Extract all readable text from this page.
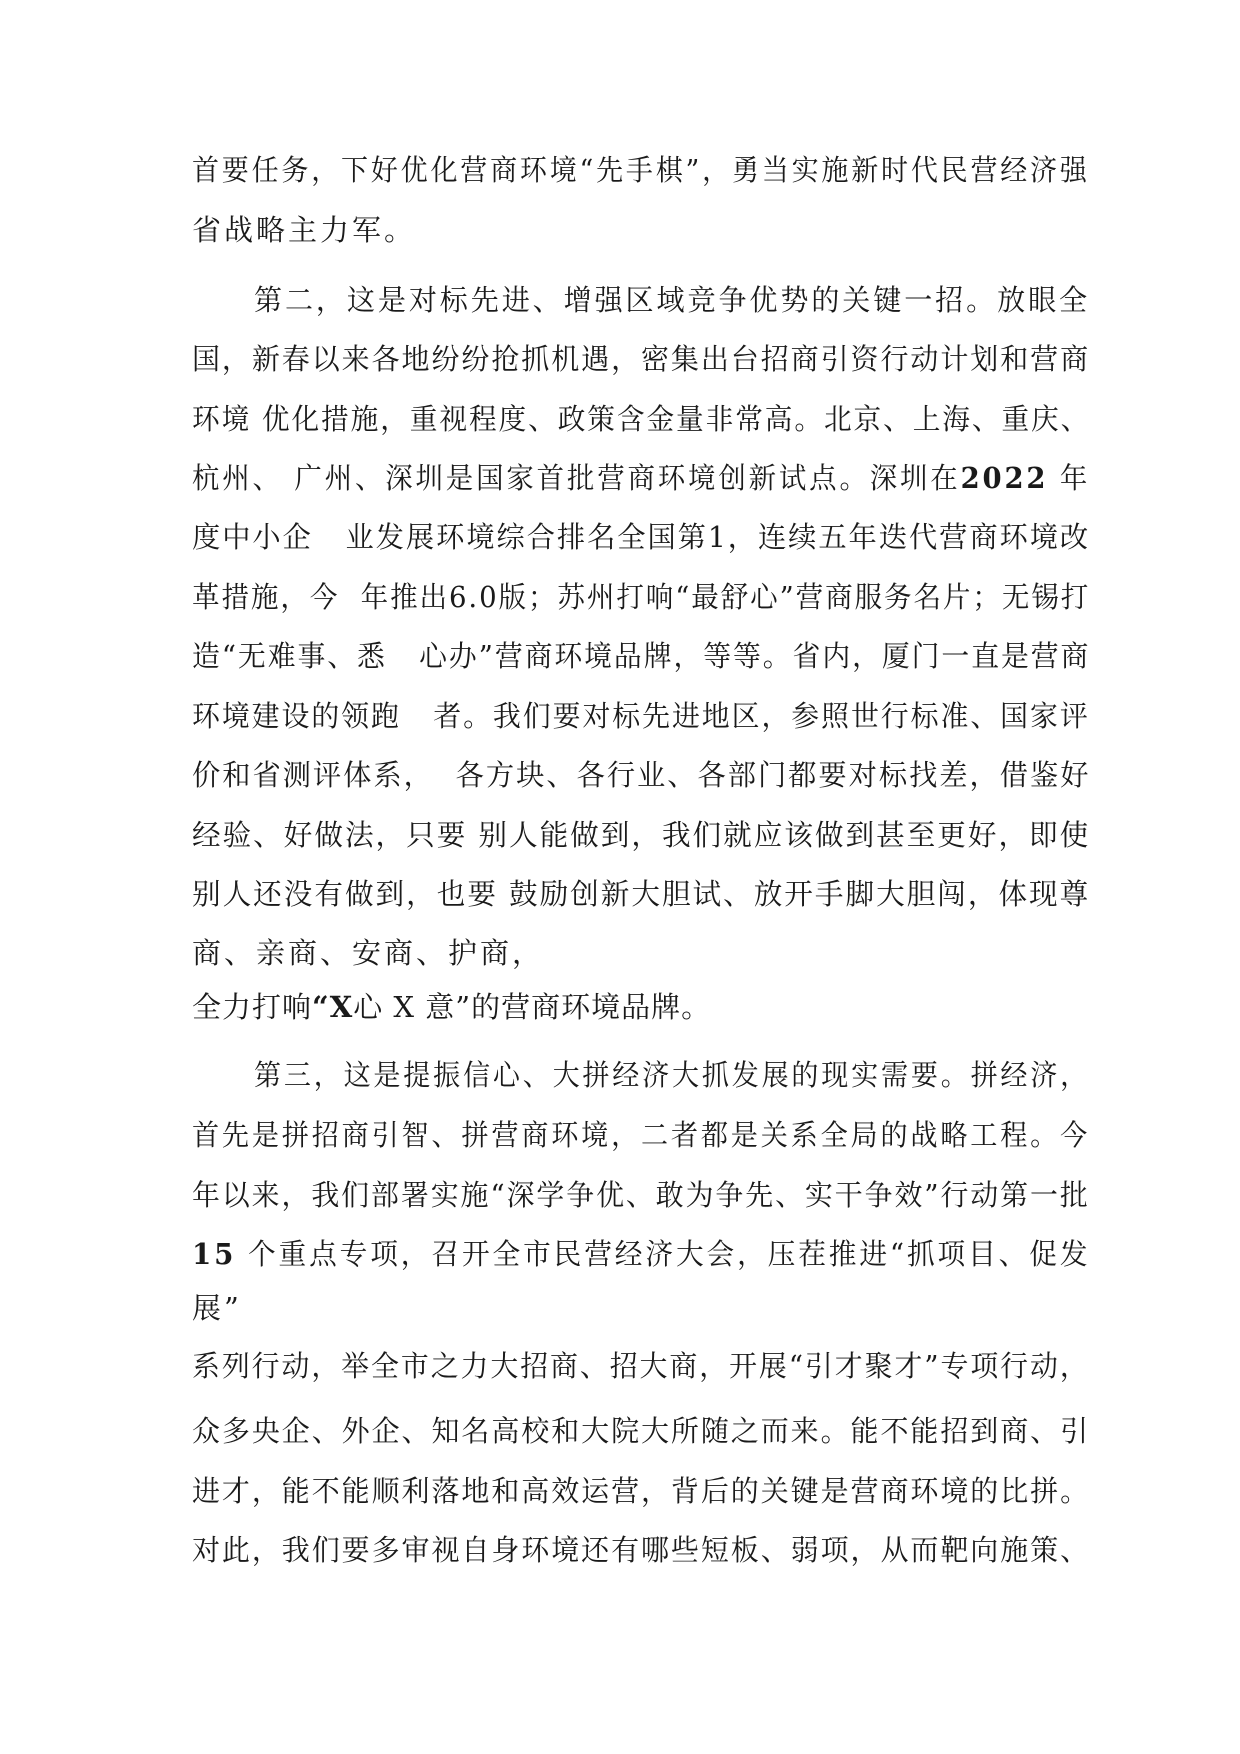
首要任务，下好优化营商环境“先手棋”，勇当实施新时代民营经济强
省战略主力军。
第二，这是对标先进、增强区域竞争优势的关键一招。放眼全
国，新春以来各地纷纷抢抓机遇，密集出台招商引资行动计划和营商
环境 优化措施，重视程度、政策含金量非常高。北京、上海、重庆、
杭州、 广州、深圳是国家首批营商环境创新试点。深圳在2022 年
度中小企   业发展环境综合排名全国第1，连续五年迭代营商环境改
革措施，今  年推出6.0版；苏州打响“最舒心”营商服务名片；无锡打
造“无难事、悉   心办”营商环境品牌，等等。省内，厦门一直是营商
环境建设的领跑   者。我们要对标先进地区，参照世行标准、国家评
价和省测评体系，  各方块、各行业、各部门都要对标找差，借鉴好
经验、好做法，只要 别人能做到，我们就应该做到甚至更好，即使
别人还没有做到，也要 鼓励创新大胆试、放开手脚大胆闯，体现尊
商、亲商、安商、护商，
全力打响“X心 X 意”的营商环境品牌。
第三，这是提振信心、大拼经济大抓发展的现实需要。拼经济，
首先是拼招商引智、拼营商环境，二者都是关系全局的战略工程。今
年以来，我们部署实施“深学争优、敢为争先、实干争效”行动第一批
15 个重点专项，召开全市民营经济大会，压茬推进“抓项目、促发
展”
系列行动，举全市之力大招商、招大商，开展“引才聚才”专项行动，
众多央企、外企、知名高校和大院大所随之而来。能不能招到商、引
进才，能不能顺利落地和高效运营，背后的关键是营商环境的比拼。
对此，我们要多审视自身环境还有哪些短板、弱项，从而靶向施策、
